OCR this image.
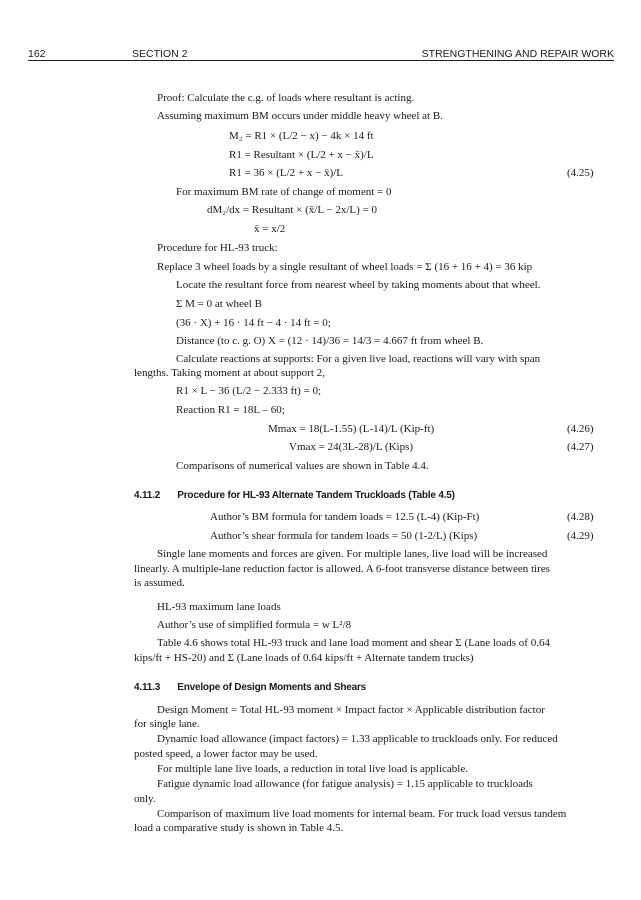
162	SECTION 2	STRENGTHENING AND REPAIR WORK
Proof: Calculate the c.g. of loads where resultant is acting.
Assuming maximum BM occurs under middle heavy wheel at B.
M₂ = R1 × (L/2 − x) − 4k × 14 ft
R1 = Resultant × (L/2 + x − x̄)/L
R1 = 36 × (L/2 + x − x̄)/L	(4.25)
For maximum BM rate of change of moment = 0
dM₂/dx = Resultant × (x̄/L − 2x/L) = 0
x̄ = x/2
Procedure for HL-93 truck:
Replace 3 wheel loads by a single resultant of wheel loads = Σ (16 + 16 + 4) = 36 kip
Locate the resultant force from nearest wheel by taking moments about that wheel.
Σ M = 0 at wheel B
(36 · X) + 16 · 14 ft − 4 · 14 ft = 0;
Distance (to c. g. O) X = (12 · 14)/36 = 14/3 = 4.667 ft from wheel B.
Calculate reactions at supports: For a given live load, reactions will vary with span
lengths. Taking moment at about support 2,
R1 × L − 36 (L/2 − 2.333 ft) = 0;
Reaction R1 = 18L – 60;
Mmax = 18(L-1.55) (L-14)/L (Kip-ft)	(4.26)
Vmax = 24(3L-28)/L (Kips)	(4.27)
Comparisons of numerical values are shown in Table 4.4.
4.11.2 Procedure for HL-93 Alternate Tandem Truckloads (Table 4.5)
Author’s BM formula for tandem loads = 12.5 (L-4) (Kip-Ft)	(4.28)
Author’s shear formula for tandem loads = 50 (1-2/L) (Kips)	(4.29)
Single lane moments and forces are given. For multiple lanes, live load will be increased
linearly. A multiple-lane reduction factor is allowed. A 6-foot transverse distance between tires
is assumed.
HL-93 maximum lane loads
Author’s use of simplified formula = w L²/8
Table 4.6 shows total HL-93 truck and lane load moment and shear Σ (Lane loads of 0.64
kips/ft + HS-20) and Σ (Lane loads of 0.64 kips/ft + Alternate tandem trucks)
4.11.3 Envelope of Design Moments and Shears
Design Moment = Total HL-93 moment × Impact factor × Applicable distribution factor
for single lane.
Dynamic load allowance (impact factors) = 1.33 applicable to truckloads only. For reduced
posted speed, a lower factor may be used.
For multiple lane live loads, a reduction in total live load is applicable.
Fatigue dynamic load allowance (for fatigue analysis) = 1.15 applicable to truckloads
only.
Comparison of maximum live load moments for internal beam. For truck load versus tandem
load a comparative study is shown in Table 4.5.
